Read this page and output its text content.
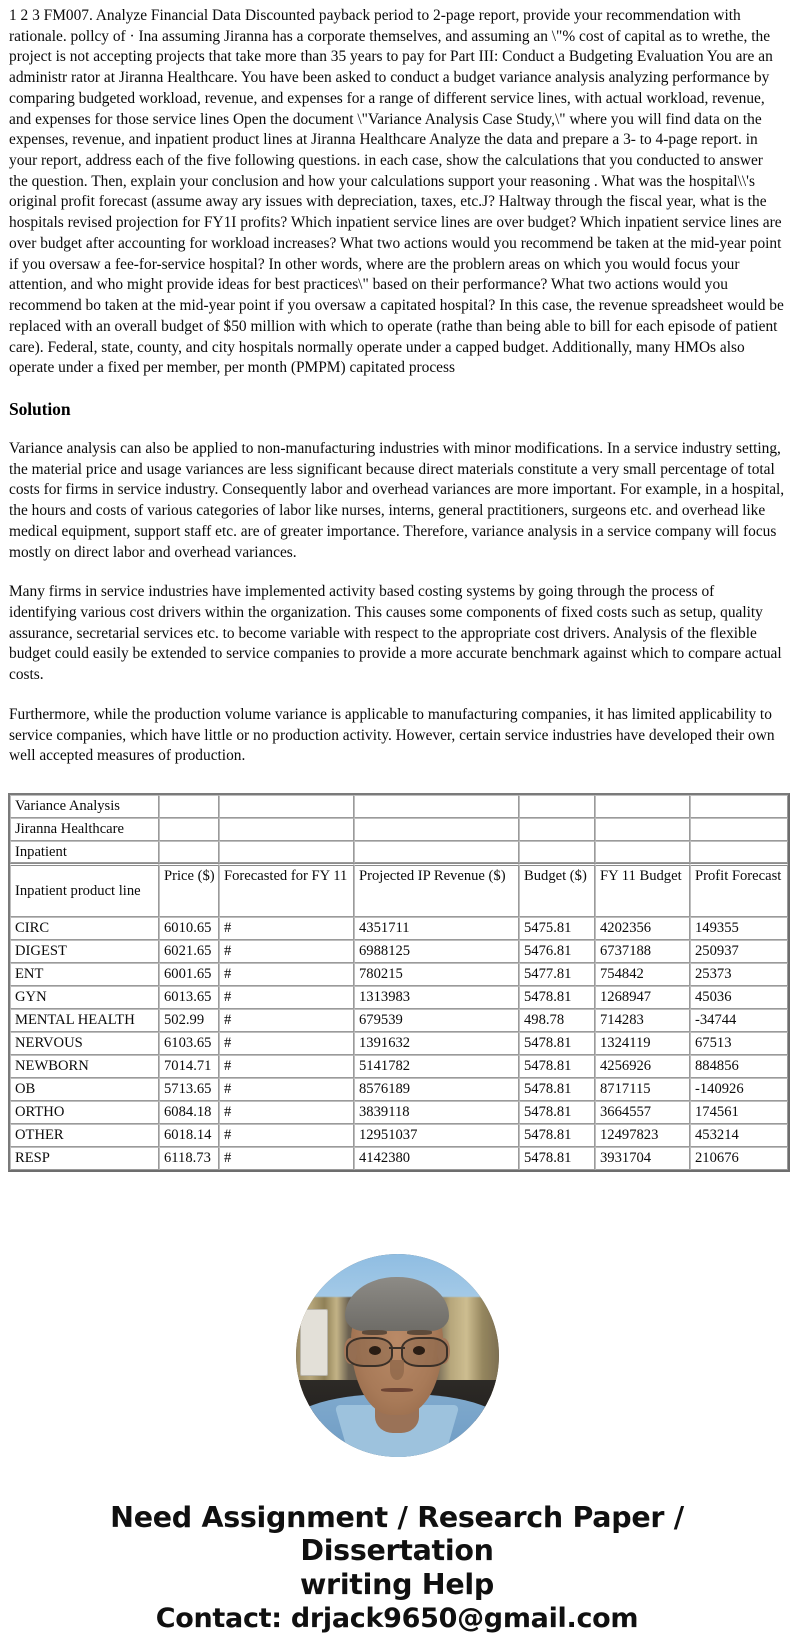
1 2 3 FM007. Analyze Financial Data Discounted payback period to 2-page report, provide your recommendation with rationale. pollcy of · Ina assuming Jiranna has a corporate themselves, and assuming an \"% cost of capital as to wrethe, the project is not accepting projects that take more than 35 years to pay for Part III: Conduct a Budgeting Evaluation You are an administr rator at Jiranna Healthcare. You have been asked to conduct a budget variance analysis analyzing performance by comparing budgeted workload, revenue, and expenses for a range of different service lines, with actual workload, revenue, and expenses for those service lines Open the document \"Variance Analysis Case Study,\" where you will find data on the expenses, revenue, and inpatient product lines at Jiranna Healthcare Analyze the data and prepare a 3- to 4-page report. in your report, address each of the five following questions. in each case, show the calculations that you conducted to answer the question. Then, explain your conclusion and how your calculations support your reasoning . What was the hospital\\'s original profit forecast (assume away ary issues with depreciation, taxes, etc.J? Haltway through the fiscal year, what is the hospitals revised projection for FY1I profits? Which inpatient service lines are over budget? Which inpatient service lines are over budget after accounting for workload increases? What two actions would you recommend be taken at the mid-year point if you oversaw a fee-for-service hospital? In other words, where are the problern areas on which you would focus your attention, and who might provide ideas for best practices\" based on their performance? What two actions would you recommend bo taken at the mid-year point if you oversaw a capitated hospital? In this case, the revenue spreadsheet would be replaced with an overall budget of $50 million with which to operate (rathe than being able to bill for each episode of patient care). Federal, state, county, and city hospitals normally operate under a capped budget. Additionally, many HMOs also operate under a fixed per member, per month (PMPM) capitated process
Solution

Variance analysis can also be applied to non-manufacturing industries with minor modifications. In a service industry setting, the material price and usage variances are less significant because direct materials constitute a very small percentage of total costs for firms in service industry. Consequently labor and overhead variances are more important. For example, in a hospital, the hours and costs of various categories of labor like nurses, interns, general practitioners, surgeons etc. and overhead like medical equipment, support staff etc. are of greater importance. Therefore, variance analysis in a service company will focus mostly on direct labor and overhead variances.

Many firms in service industries have implemented activity based costing systems by going through the process of identifying various cost drivers within the organization. This causes some components of fixed costs such as setup, quality assurance, secretarial services etc. to become variable with respect to the appropriate cost drivers. Analysis of the flexible budget could easily be extended to service companies to provide a more accurate benchmark against which to compare actual costs.

Furthermore, while the production volume variance is applicable to manufacturing companies, it has limited applicability to service companies, which have little or no production activity. However, certain service industries have developed their own well accepted measures of production.

Variance Analysis						
Jiranna Healthcare						
Inpatient						
Inpatient product line	Price ($)	Forecasted for FY 11	Projected IP Revenue ($)	Budget ($)	FY 11 Budget	Profit Forecast
CIRC	6010.65	#	4351711	5475.81	4202356	149355
DIGEST	6021.65	#	6988125	5476.81	6737188	250937
ENT	6001.65	#	780215	5477.81	754842	25373
GYN	6013.65	#	1313983	5478.81	1268947	45036
MENTAL HEALTH	502.99	#	679539	498.78	714283	-34744
NERVOUS	6103.65	#	1391632	5478.81	1324119	67513
NEWBORN	7014.71	#	5141782	5478.81	4256926	884856
OB	5713.65	#	8576189	5478.81	8717115	-140926
ORTHO	6084.18	#	3839118	5478.81	3664557	174561
OTHER	6018.14	#	12951037	5478.81	12497823	453214
RESP	6118.73	#	4142380	5478.81	3931704	210676
Need Assignment / Research Paper / Dissertation
writing Help
Contact: drjack9650@gmail.com
